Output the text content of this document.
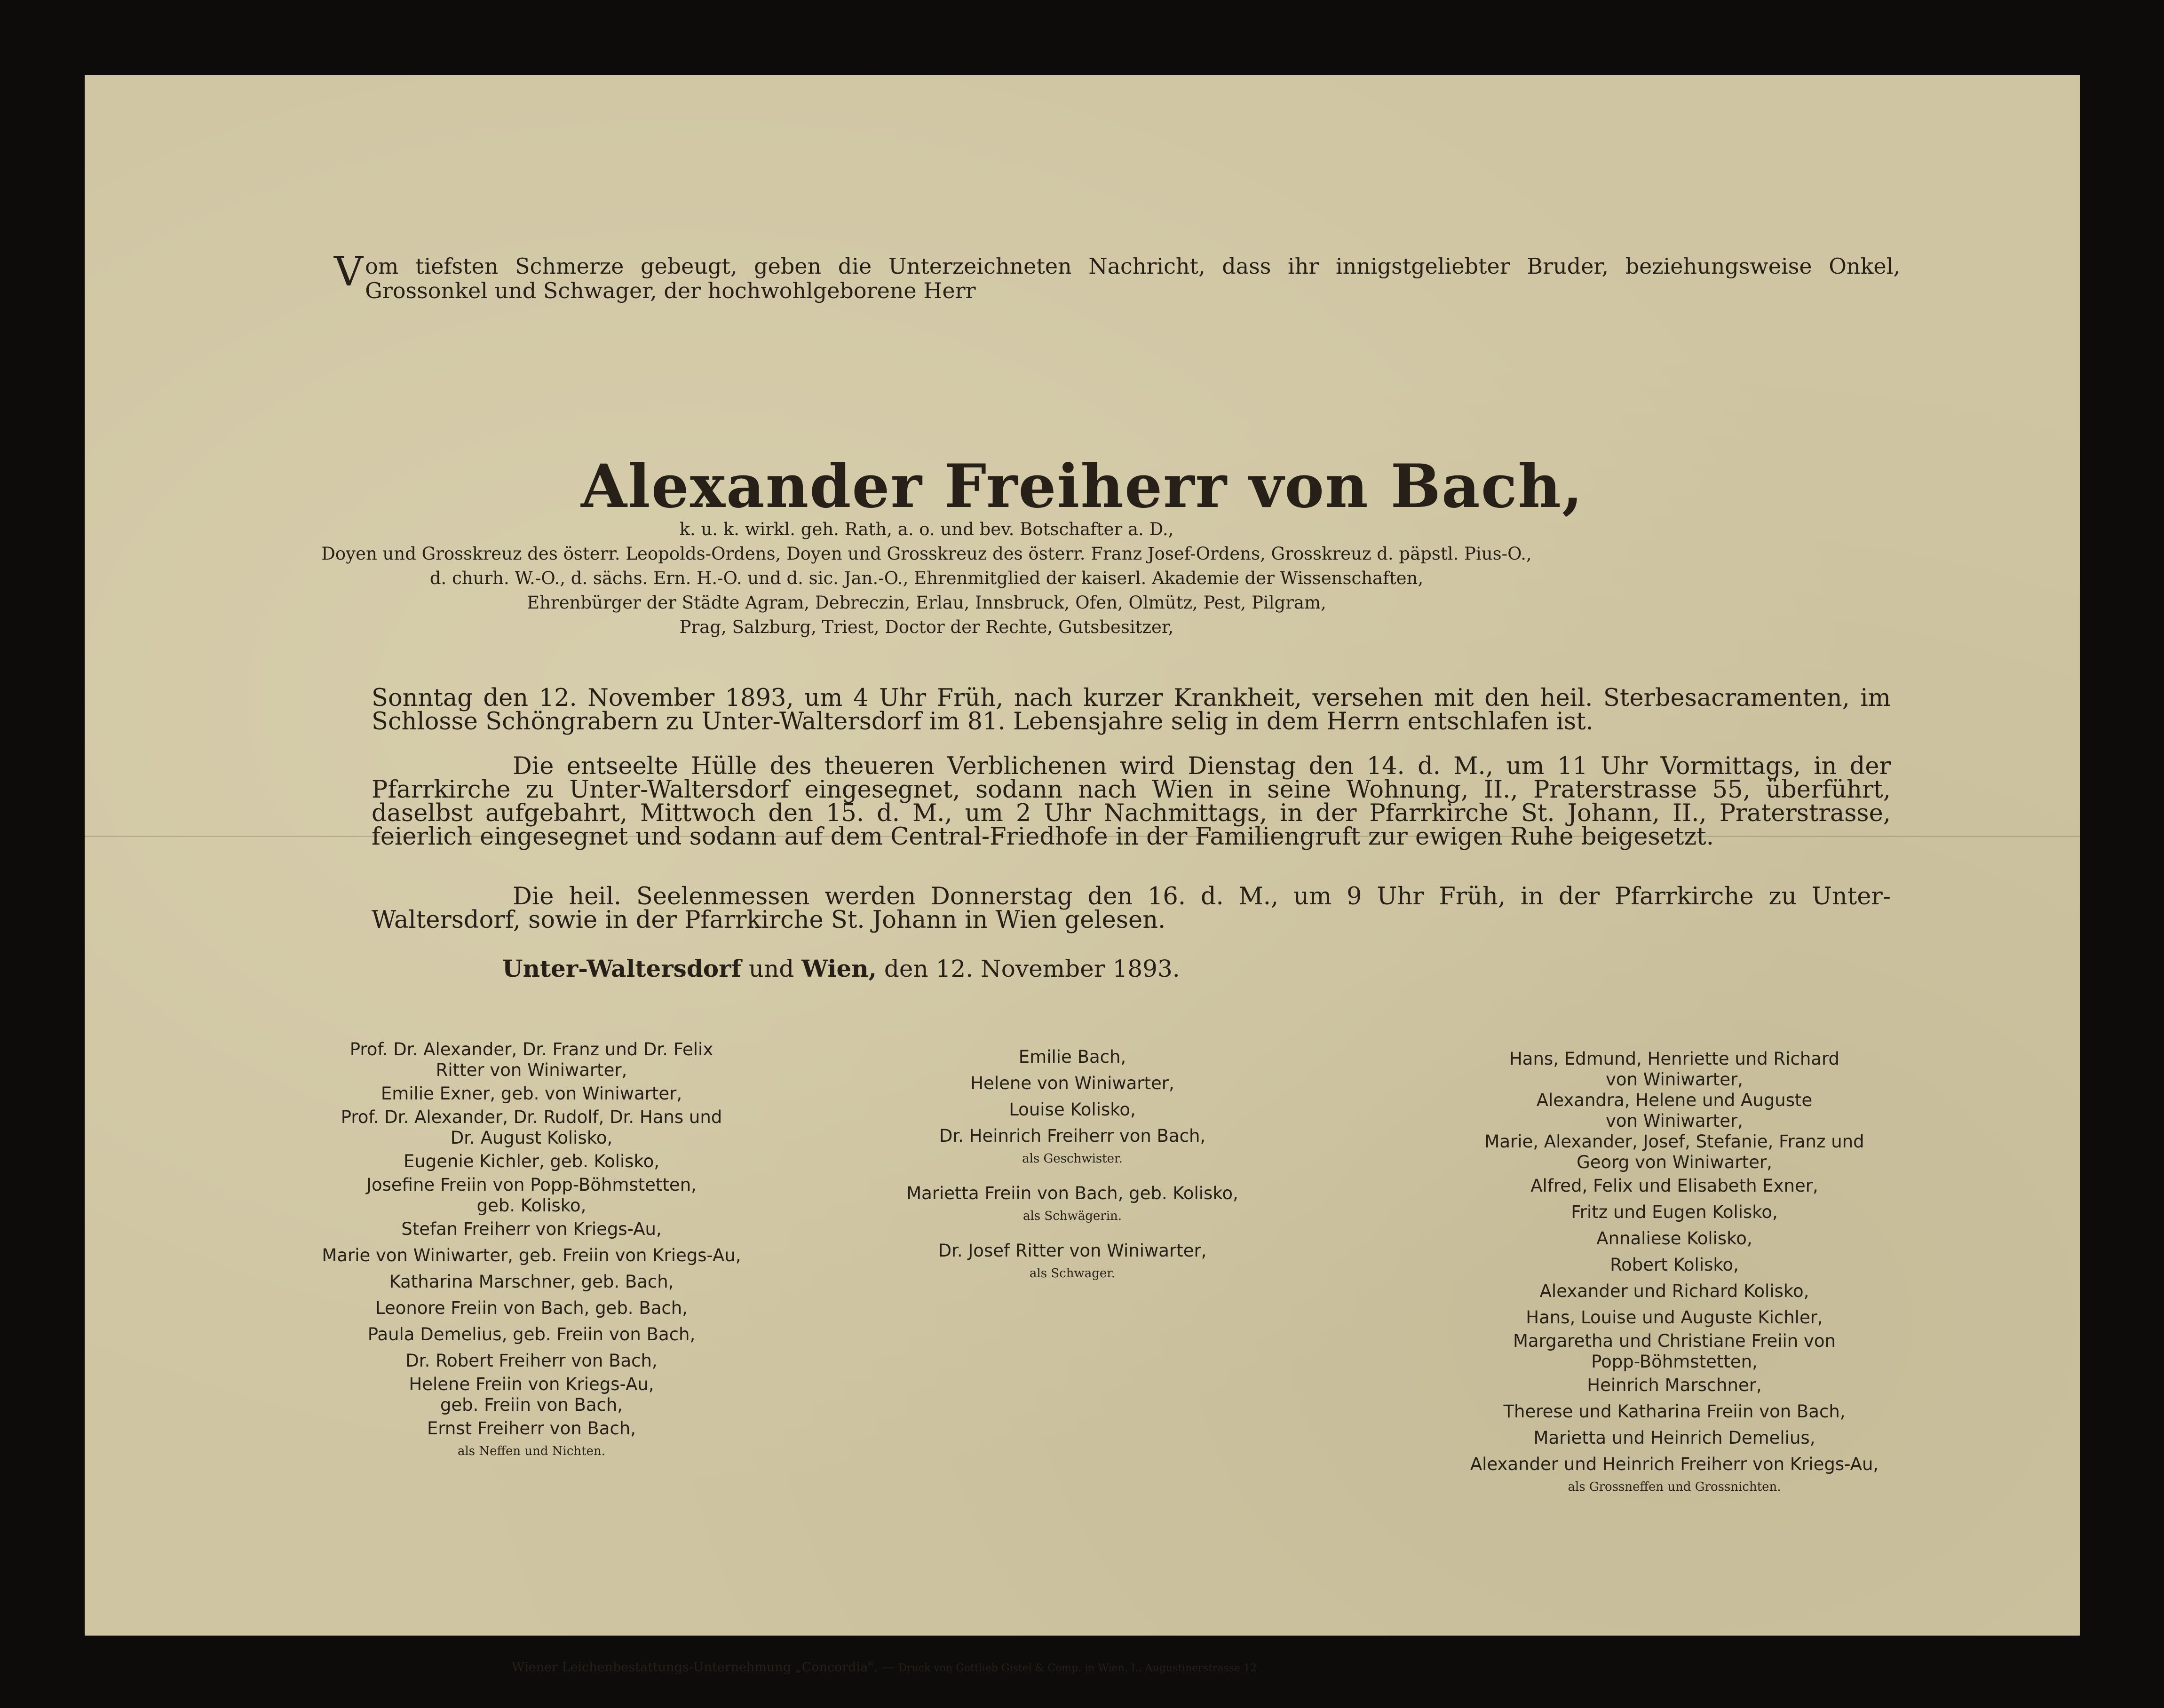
Vom tiefsten Schmerze gebeugt, geben die Unterzeichneten Nachricht, dass ihr innigstgeliebter Bruder, beziehungsweise Onkel, Grossonkel und Schwager, der hochwohlgeborene Herr
Alexander Freiherr von Bach,
k. u. k. wirkl. geh. Rath, a. o. und bev. Botschafter a. D.,
Doyen und Grosskreuz des österr. Leopolds-Ordens, Doyen und Grosskreuz des österr. Franz Josef-Ordens, Grosskreuz d. päpstl. Pius-O.,
d. churh. W.-O., d. sächs. Ern. H.-O. und d. sic. Jan.-O., Ehrenmitglied der kaiserl. Akademie der Wissenschaften,
Ehrenbürger der Städte Agram, Debreczin, Erlau, Innsbruck, Ofen, Olmütz, Pest, Pilgram,
Prag, Salzburg, Triest, Doctor der Rechte, Gutsbesitzer,
Sonntag den 12. November 1893, um 4 Uhr Früh, nach kurzer Krankheit, versehen mit den heil. Sterbesacramenten, im Schlosse Schöngrabern zu Unter-Waltersdorf im 81. Lebensjahre selig in dem Herrn entschlafen ist.
Die entseelte Hülle des theueren Verblichenen wird Dienstag den 14. d. M., um 11 Uhr Vormittags, in der Pfarrkirche zu Unter-Waltersdorf eingesegnet, sodann nach Wien in seine Wohnung, II., Praterstrasse 55, überführt, daselbst aufgebahrt, Mittwoch den 15. d. M., um 2 Uhr Nachmittags, in der Pfarrkirche St. Johann, II., Praterstrasse, feierlich eingesegnet und sodann auf dem Central-Friedhofe in der Familiengruft zur ewigen Ruhe beigesetzt.
Die heil. Seelenmessen werden Donnerstag den 16. d. M., um 9 Uhr Früh, in der Pfarrkirche zu Unter-Waltersdorf, sowie in der Pfarrkirche St. Johann in Wien gelesen.
Unter-Waltersdorf und Wien, den 12. November 1893.
Prof. Dr. Alexander, Dr. Franz und Dr. Felix
Ritter von Winiwarter,
Emilie Exner, geb. von Winiwarter,
Prof. Dr. Alexander, Dr. Rudolf, Dr. Hans und
Dr. August Kolisko,
Eugenie Kichler, geb. Kolisko,
Josefine Freiin von Popp-Böhmstetten,
geb. Kolisko,
Stefan Freiherr von Kriegs-Au,
Marie von Winiwarter, geb. Freiin von Kriegs-Au,
Katharina Marschner, geb. Bach,
Leonore Freiin von Bach, geb. Bach,
Paula Demelius, geb. Freiin von Bach,
Dr. Robert Freiherr von Bach,
Helene Freiin von Kriegs-Au,
geb. Freiin von Bach,
Ernst Freiherr von Bach,
als Neffen und Nichten.
Emilie Bach,
Helene von Winiwarter,
Louise Kolisko,
Dr. Heinrich Freiherr von Bach,
als Geschwister.
Marietta Freiin von Bach, geb. Kolisko,
als Schwägerin.
Dr. Josef Ritter von Winiwarter,
als Schwager.
Hans, Edmund, Henriette und Richard
von Winiwarter,
Alexandra, Helene und Auguste
von Winiwarter,
Marie, Alexander, Josef, Stefanie, Franz und
Georg von Winiwarter,
Alfred, Felix und Elisabeth Exner,
Fritz und Eugen Kolisko,
Annaliese Kolisko,
Robert Kolisko,
Alexander und Richard Kolisko,
Hans, Louise und Auguste Kichler,
Margaretha und Christiane Freiin von
Popp-Böhmstetten,
Heinrich Marschner,
Therese und Katharina Freiin von Bach,
Marietta und Heinrich Demelius,
Alexander und Heinrich Freiherr von Kriegs-Au,
als Grossneffen und Grossnichten.
Wiener Leichenbestattungs-Unternehmung „Concordia". — Druck von Gottlieb Gistel & Comp. in Wien, I., Augustinerstrasse 12
